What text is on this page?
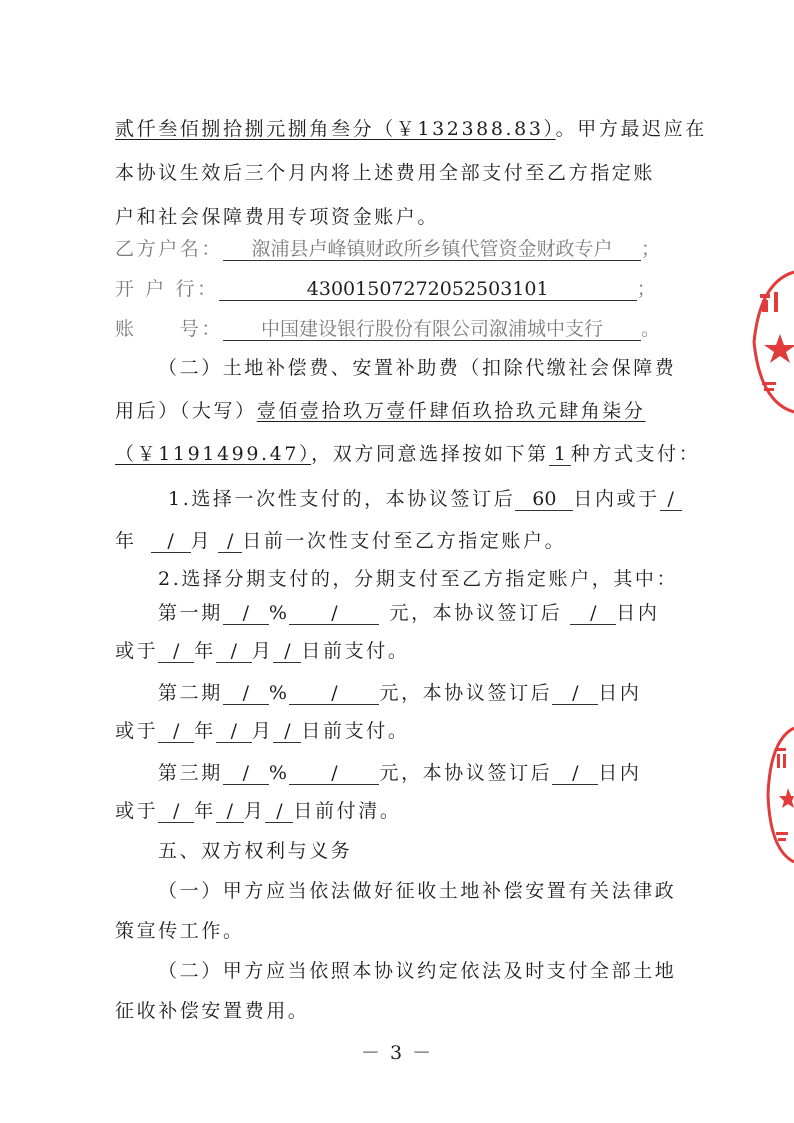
贰仟叁佰捌拾捌元捌角叁分（￥132388.83）。甲方最迟应在
本协议生效后三个月内将上述费用全部支付至乙方指定账
户和社会保障费用专项资金账户。
乙方户名： 溆浦县卢峰镇财政所乡镇代管资金财政专户 ；
开 户 行：	43001507272052503101	；
账　　号： 中国建设银行股份有限公司溆浦城中支行 。
（二）土地补偿费、安置补助费（扣除代缴社会保障费
用后）（大写）壹佰壹拾玖万壹仟肆佰玖拾玖元肆角柒分
（￥1191499.47），双方同意选择按如下第 1 种方式支付：
1.选择一次性支付的，本协议签订后 60 日内或于 /
年 / 月 / 日前一次性支付至乙方指定账户。
2.选择分期支付的，分期支付至乙方指定账户，其中：
第一期 / % /	元，本协议签订后 / 日内
或于 / 年 / 月 / 日前支付。
第二期 / % / 元，本协议签订后 / 日内
或于 / 年 / 月 / 日前支付。
第三期 / % / 元，本协议签订后 / 日内
或于 / 年 / 月 / 日前付清。
五、双方权利与义务
（一）甲方应当依法做好征收土地补偿安置有关法律政
策宣传工作。
（二）甲方应当依照本协议约定依法及时支付全部土地
征收补偿安置费用。
－ 3 －
